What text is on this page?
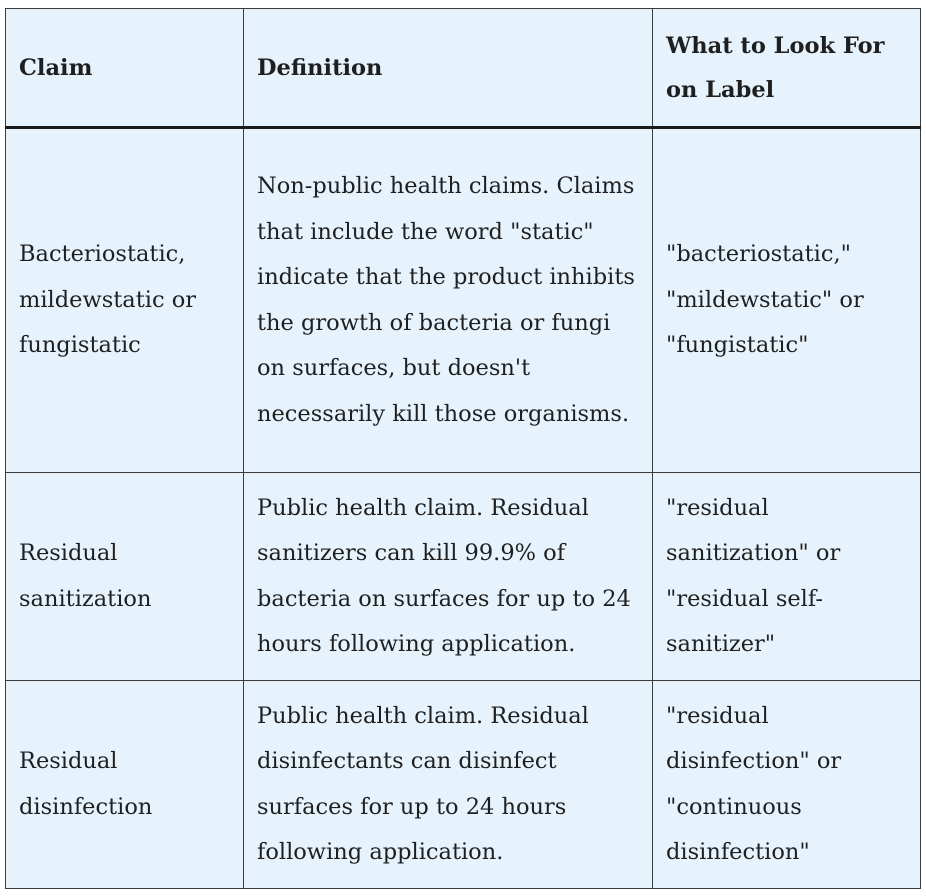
Claim	Definition	What to Look For on Label
Bacteriostatic, mildewstatic or fungistatic	Non-public health claims. Claims that include the word "static" indicate that the product inhibits the growth of bacteria or fungi on surfaces, but doesn't necessarily kill those organisms.	"bacteriostatic," "mildewstatic" or "fungistatic"
Residual sanitization	Public health claim. Residual sanitizers can kill 99.9% of bacteria on surfaces for up to 24 hours following application.	"residual sanitization" or "residual self-sanitizer"
Residual disinfection	Public health claim. Residual disinfectants can disinfect surfaces for up to 24 hours following application.	"residual disinfection" or "continuous disinfection"
